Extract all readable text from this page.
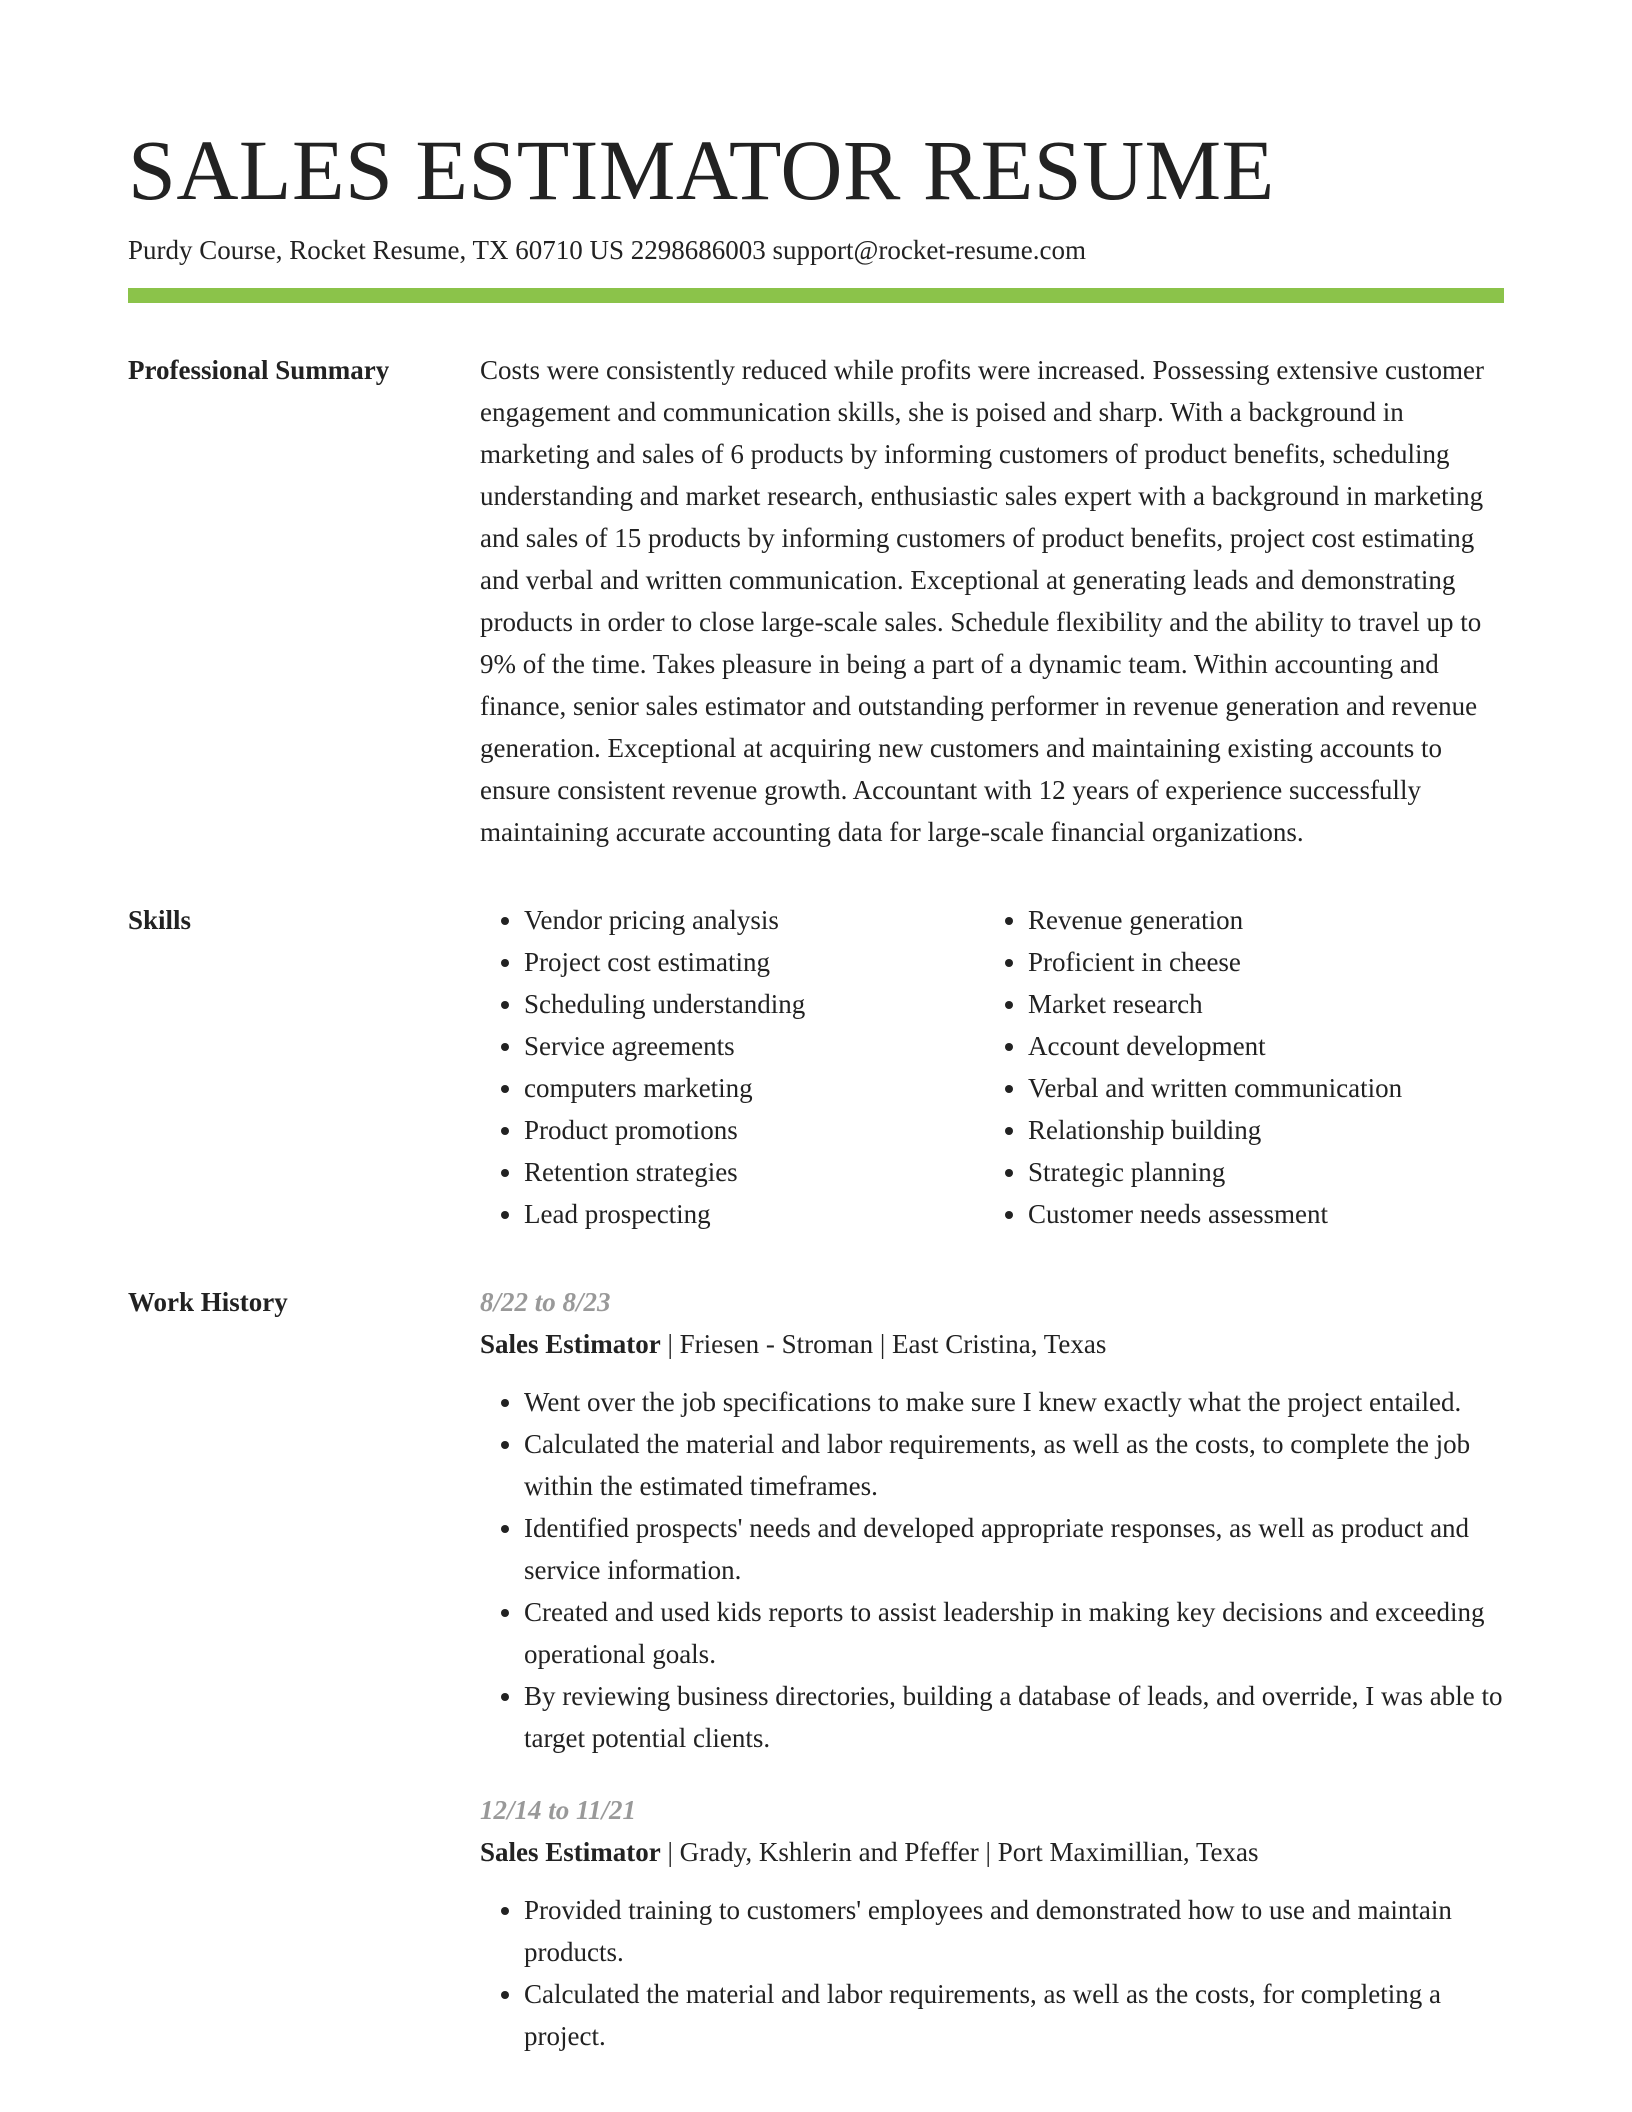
SALES ESTIMATOR RESUME
Purdy Course, Rocket Resume, TX 60710 US 2298686003 support@rocket-resume.com
Professional Summary	Costs were consistently reduced while profits were increased. Possessing extensive customer engagement and communication skills, she is poised and sharp. With a background in marketing and sales of 6 products by informing customers of product benefits, scheduling understanding and market research, enthusiastic sales expert with a background in marketing and sales of 15 products by informing customers of product benefits, project cost estimating and verbal and written communication. Exceptional at generating leads and demonstrating products in order to close large-scale sales. Schedule flexibility and the ability to travel up to 9% of the time. Takes pleasure in being a part of a dynamic team. Within accounting and finance, senior sales estimator and outstanding performer in revenue generation and revenue generation. Exceptional at acquiring new customers and maintaining existing accounts to ensure consistent revenue growth. Accountant with 12 years of experience successfully maintaining accurate accounting data for large-scale financial organizations.

Skills
•	Vendor pricing analysis
• Project cost estimating
• Scheduling understanding
• Service agreements
• computers marketing
• Product promotions
• Retention strategies
• Lead prospecting
• Revenue generation
• Proficient in cheese
• Market research
• Account development
• Verbal and written communication
• Relationship building
• Strategic planning
• Customer needs assessment
Work History	8/22 to 8/23
Sales Estimator | Friesen - Stroman | East Cristina, Texas
• Went over the job specifications to make sure I knew exactly what the project entailed.
• Calculated the material and labor requirements, as well as the costs, to complete the job within the estimated timeframes.
• Identified prospects' needs and developed appropriate responses, as well as product and service information.
• Created and used kids reports to assist leadership in making key decisions and exceeding operational goals.
• By reviewing business directories, building a database of leads, and override, I was able to target potential clients.
12/14 to 11/21
Sales Estimator | Grady, Kshlerin and Pfeffer | Port Maximillian, Texas
• Provided training to customers' employees and demonstrated how to use and maintain products.
• Calculated the material and labor requirements, as well as the costs, for completing a project.
